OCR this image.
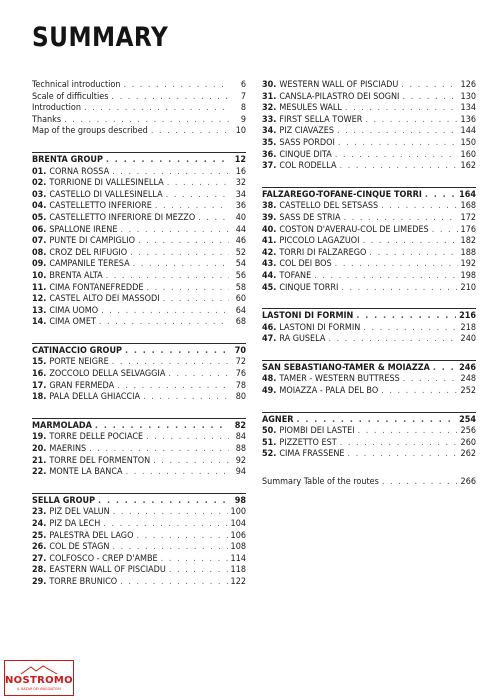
SUMMARY
Technical introduction . . .	6
Scale of difficulties . . .	7
Introduction . . .	8
Thanks . . .	9
Map of the groups described . . .	10
BRENTA GROUP . . .	12
01. CORNA ROSSA . . .	16
02. TORRIONE DI VALLESINELLA . . .	32
03. CASTELLO DI VALLESINELLA . . .	34
04. CASTELLETTO INFERIORE . . .	36
05. CASTELLETTO INFERIORE DI MEZZO . . .	40
06. SPALLONE IRENE . . .	44
07. PUNTE DI CAMPIGLIO . . .	46
08. CROZ DEL RIFUGIO . . .	52
09. CAMPANILE TERESA . . .	54
10. BRENTA ALTA . . .	56
11. CIMA FONTANEFREDDE . . .	58
12. CASTEL ALTO DEI MASSODI . . .	60
13. CIMA UOMO . . .	64
14. CIMA OMET . . .	68
CATINACCIO GROUP . . .	70
15. PORTE NEIGRE . . .	72
16. ZOCCOLO DELLA SELVAGGIA . . .	76
17. GRAN FERMEDA . . .	78
18. PALA DELLA GHIACCIA . . .	80
MARMOLADA . . .	82
19. TORRE DELLE POCIACE . . .	84
20. MAERINS . . .	88
21. TORRE DEL FORMENTON . . .	92
22. MONTE LA BANCA . . .	94
SELLA GROUP . . .	98
23. PIZ DEL VALUN . . .	100
24. PIZ DA LECH . . .	104
25. PALESTRA DEL LAGO . . .	106
26. COL DE STAGN . . .	108
27. COLFOSCO - CREP D'AMBÈ . . .	114
28. EASTERN WALL OF PISCIADÙ . . .	118
29. TORRE BRUNICO . . .	122
30. WESTERN WALL OF PISCIADÙ . . .	126
31. CANSLA-PILASTRO DEI SOGNI . . .	130
32. MESULES WALL . . .	134
33. FIRST SELLA TOWER . . .	136
34. PIZ CIAVAZES . . .	144
35. SASS PORDOI . . .	150
36. CINQUE DITA . . .	160
37. COL RODELLA . . .	162
FALZAREGO-TOFANE-CINQUE TORRI . . .	164
38. CASTELLO DEL SETSASS . . .	168
39. SASS DE STRIA . . .	172
40. COSTON D'AVERAU-COL DE LIMEDES . . .	176
41. PICCOLO LAGAZUOI . . .	182
42. TORRI DI FALZAREGO . . .	188
43. COL DEI BOS . . .	192
44. TOFANE . . .	198
45. CINQUE TORRI . . .	210
LASTONI DI FORMIN . . .	216
46. LASTONI DI FORMIN . . .	218
47. RA GUSELA . . .	240
SAN SEBASTIANO-TAMER & MOIAZZA . . .	246
48. TAMER - WESTERN BUTTRESS . . .	248
49. MOIAZZA - PALA DEL BÒ . . .	252
AGNER . . .	254
50. PIOMBI DEI LASTEI . . .	256
51. PIZZETTO EST . . .	260
52. CIMA FRASSENÈ . . .	262
Summary Table of the routes . . .	266
NOSTROMO
IL BAZAR DEI VIAGGIATORI
